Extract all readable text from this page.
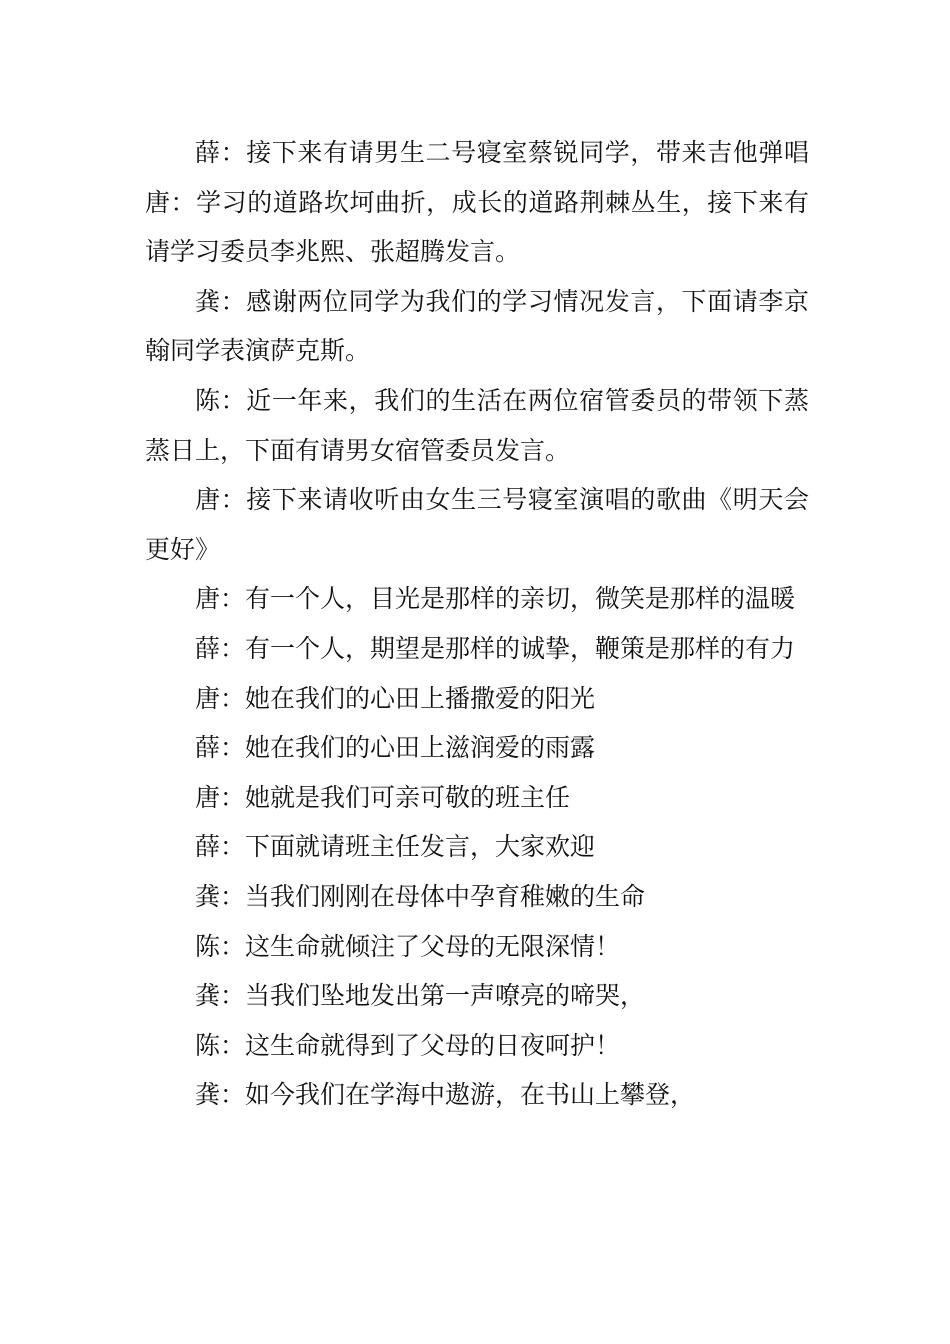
薛：接下来有请男生二号寝室蔡锐同学，带来吉他弹唱唐：学习的道路坎坷曲折，成长的道路荆棘丛生，接下来有请学习委员李兆熙、张超腾发言。

龚：感谢两位同学为我们的学习情况发言，下面请李京翰同学表演萨克斯。

陈：近一年来，我们的生活在两位宿管委员的带领下蒸蒸日上，下面有请男女宿管委员发言。

唐：接下来请收听由女生三号寝室演唱的歌曲《明天会更好》

唐：有一个人，目光是那样的亲切，微笑是那样的温暖

薛：有一个人，期望是那样的诚挚，鞭策是那样的有力

唐：她在我们的心田上播撒爱的阳光

薛：她在我们的心田上滋润爱的雨露

唐：她就是我们可亲可敬的班主任

薛：下面就请班主任发言，大家欢迎

龚：当我们刚刚在母体中孕育稚嫩的生命

陈：这生命就倾注了父母的无限深情！

龚：当我们坠地发出第一声嘹亮的啼哭，

陈：这生命就得到了父母的日夜呵护！

龚：如今我们在学海中遨游，在书山上攀登，
